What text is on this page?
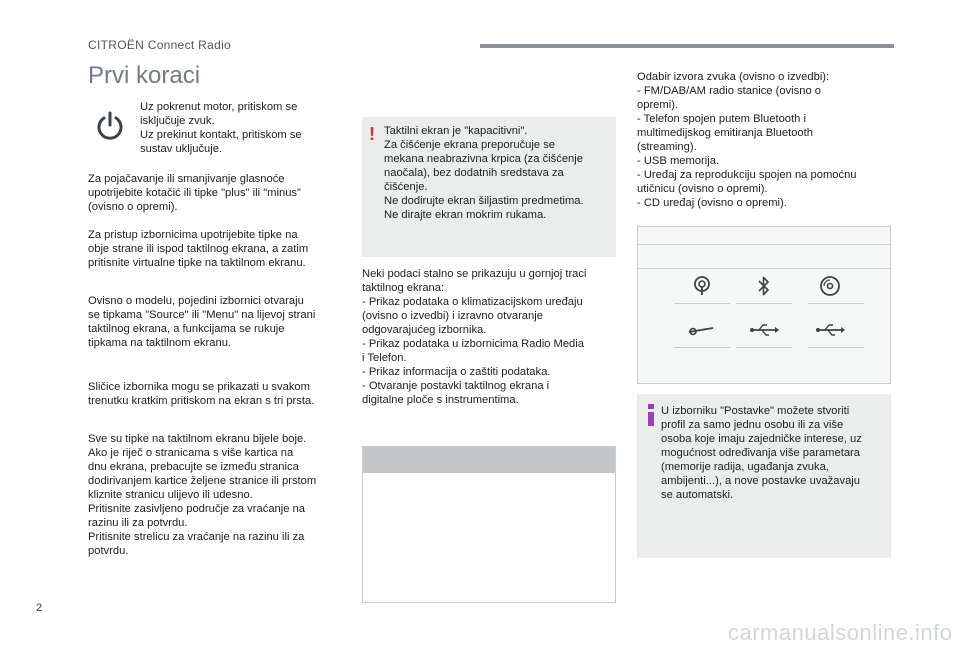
CITROËN Connect Radio
Prvi koraci
Uz pokrenut motor, pritiskom se
isključuje zvuk.
Uz prekinut kontakt, pritiskom se
sustav uključuje.
Za pojačavanje ili smanjivanje glasnoće
upotrijebite kotačić ili tipke "plus" ili "minus"
(ovisno o opremi).
Za pristup izbornicima upotrijebite tipke na
obje strane ili ispod taktilnog ekrana, a zatim
pritisnite virtualne tipke na taktilnom ekranu.
Ovisno o modelu, pojedini izbornici otvaraju
se tipkama "Source" ili "Menu" na lijevoj strani
taktilnog ekrana, a funkcijama se rukuje
tipkama na taktilnom ekranu.
Sličice izbornika mogu se prikazati u svakom
trenutku kratkim pritiskom na ekran s tri prsta.
Sve su tipke na taktilnom ekranu bijele boje.
Ako je riječ o stranicama s više kartica na
dnu ekrana, prebacujte se između stranica
dodirivanjem kartice željene stranice ili prstom
kliznite stranicu ulijevo ili udesno.
Pritisnite zasivljeno područje za vraćanje na
razinu ili za potvrdu.
Pritisnite strelicu za vraćanje na razinu ili za
potvrdu.
! Taktilni ekran je "kapacitivni".
Za čišćenje ekrana preporučuje se
mekana neabrazivna krpica (za čišćenje
naočala), bez dodatnih sredstava za
čišćenje.
Ne dodirujte ekran šiljastim predmetima.
Ne dirajte ekran mokrim rukama.
Neki podaci stalno se prikazuju u gornjoj traci
taktilnog ekrana:
- Prikaz podataka o klimatizacijskom uređaju
(ovisno o izvedbi) i izravno otvaranje
odgovarajućeg izbornika.
- Prikaz podataka u izbornicima Radio Media
i Telefon.
- Prikaz informacija o zaštiti podataka.
- Otvaranje postavki taktilnog ekrana i
digitalne ploče s instrumentima.
Odabir izvora zvuka (ovisno o izvedbi):
- FM/DAB/AM radio stanice (ovisno o
opremi).
- Telefon spojen putem Bluetooth i
multimedijskog emitiranja Bluetooth
(streaming).
- USB memorija.
- Uređaj za reprodukciju spojen na pomoćnu
utičnicu (ovisno o opremi).
- CD uređaj (ovisno o opremi).
U izborniku "Postavke" možete stvoriti
profil za samo jednu osobu ili za više
osoba koje imaju zajedničke interese, uz
mogućnost određivanja više parametara
(memorije radija, ugađanja zvuka,
ambijenti...), a nove postavke uvažavaju
se automatski.
2
carmanualsonline.info
